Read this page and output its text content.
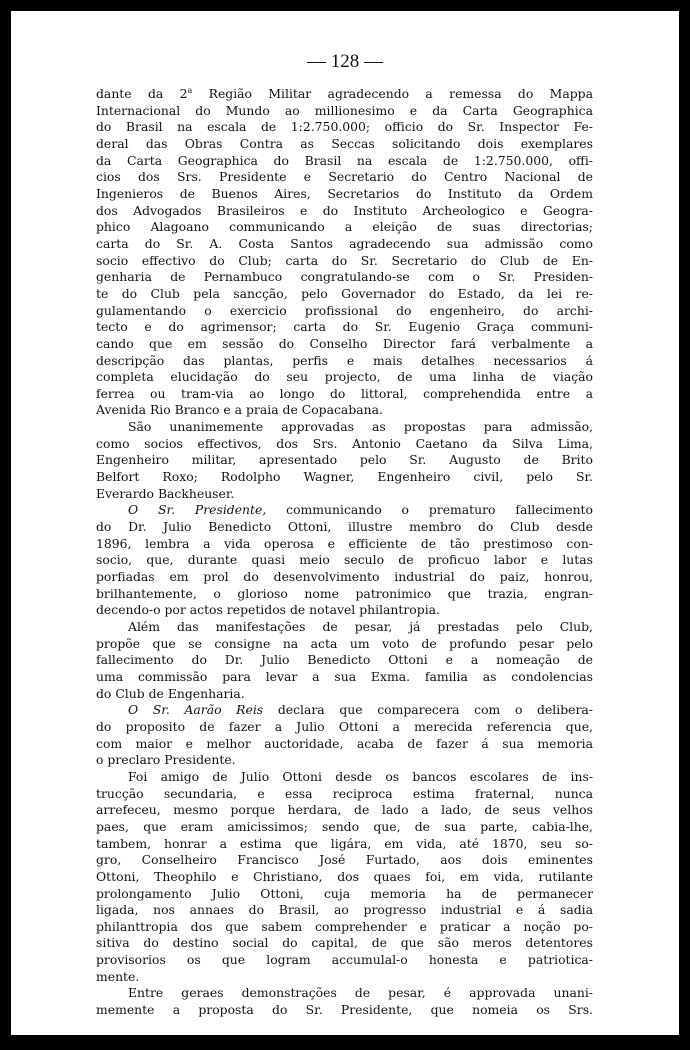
— 128 —
dante da 2$^a$ Região Militar agradecendo a remessa do Mappa
Internacional do Mundo ao millionesimo e da Carta Geographica
do Brasil na escala de 1:2.750.000; officio do Sr. Inspector Fe-
deral das Obras Contra as Seccas solicitando dois exemplares
da Carta Geographica do Brasil na escala de 1:2.750.000, offi-
cios dos Srs. Presidente e Secretario do Centro Nacional de
Ingenieros de Buenos Aires, Secretarios do Instituto da Ordem
dos Advogados Brasileiros e do Instituto Archeologico e Geogra-
phico Alagoano communicando a eleição de suas directorias;
carta do Sr. A. Costa Santos agradecendo sua admissão como
socio effectivo do Club; carta do Sr. Secretario do Club de En-
genharia de Pernambuco congratulando-se com o Sr. Presiden-
te do Club pela sancção, pelo Governador do Estado, da lei re-
gulamentando o exercicio profissional do engenheiro, do archi-
tecto e do agrimensor; carta do Sr. Eugenio Graça communi-
cando que em sessão do Conselho Director fará verbalmente a
descripção das plantas, perfis e mais detalhes necessarios á
completa elucidação do seu projecto, de uma linha de viação
ferrea ou tram-via ao longo do littoral, comprehendida entre a
Avenida Rio Branco e a praia de Copacabana.
São unanimemente approvadas as propostas para admissão,
como socios effectivos, dos Srs. Antonio Caetano da Silva Lima,
Engenheiro militar, apresentado pelo Sr. Augusto de Brito
Belfort Roxo; Rodolpho Wagner, Engenheiro civil, pelo Sr.
Everardo Backheuser.
O Sr. Presidente, communicando o prematuro fallecimento
do Dr. Julio Benedicto Ottoni, illustre membro do Club desde
1896, lembra a vida operosa e efficiente de tão prestimoso con-
socio, que, durante quasi meio seculo de proficuo labor e lutas
porfiadas em prol do desenvolvimento industrial do paiz, honrou,
brilhantemente, o glorioso nome patronimico que trazia, engran-
decendo-o por actos repetidos de notavel philantropia.
Além das manifestações de pesar, já prestadas pelo Club,
propõe que se consigne na acta um voto de profundo pesar pelo
fallecimento do Dr. Julio Benedicto Ottoni e a nomeação de
uma commissão para levar a sua Exma. familia as condolencias
do Club de Engenharia.
O Sr. Aarão Reis declara que comparecera com o delibera-
do proposito de fazer a Julio Ottoni a merecida referencia que,
com maior e melhor auctoridade, acaba de fazer á sua memoria
o preclaro Presidente.
Foi amigo de Julio Ottoni desde os bancos escolares de ins-
trucção secundaria, e essa reciproca estima fraternal, nunca
arrefeceu, mesmo porque herdara, de lado a lado, de seus velhos
paes, que eram amicissimos; sendo que, de sua parte, cabia-lhe,
tambem, honrar a estima que ligára, em vida, até 1870, seu so-
gro, Conselheiro Francisco José Furtado, aos dois eminentes
Ottoni, Theophilo e Christiano, dos quaes foi, em vida, rutilante
prolongamento Julio Ottoni, cuja memoria ha de permanecer
ligada, nos annaes do Brasil, ao progresso industrial e á sadia
philanttropia dos que sabem comprehender e praticar a noção po-
sitiva do destino social do capital, de que são meros detentores
provisorios os que logram accumulal-o honesta e patriotica-
mente.
Entre geraes demonstrações de pesar, é approvada unani-
memente a proposta do Sr. Presidente, que nomeia os Srs.
